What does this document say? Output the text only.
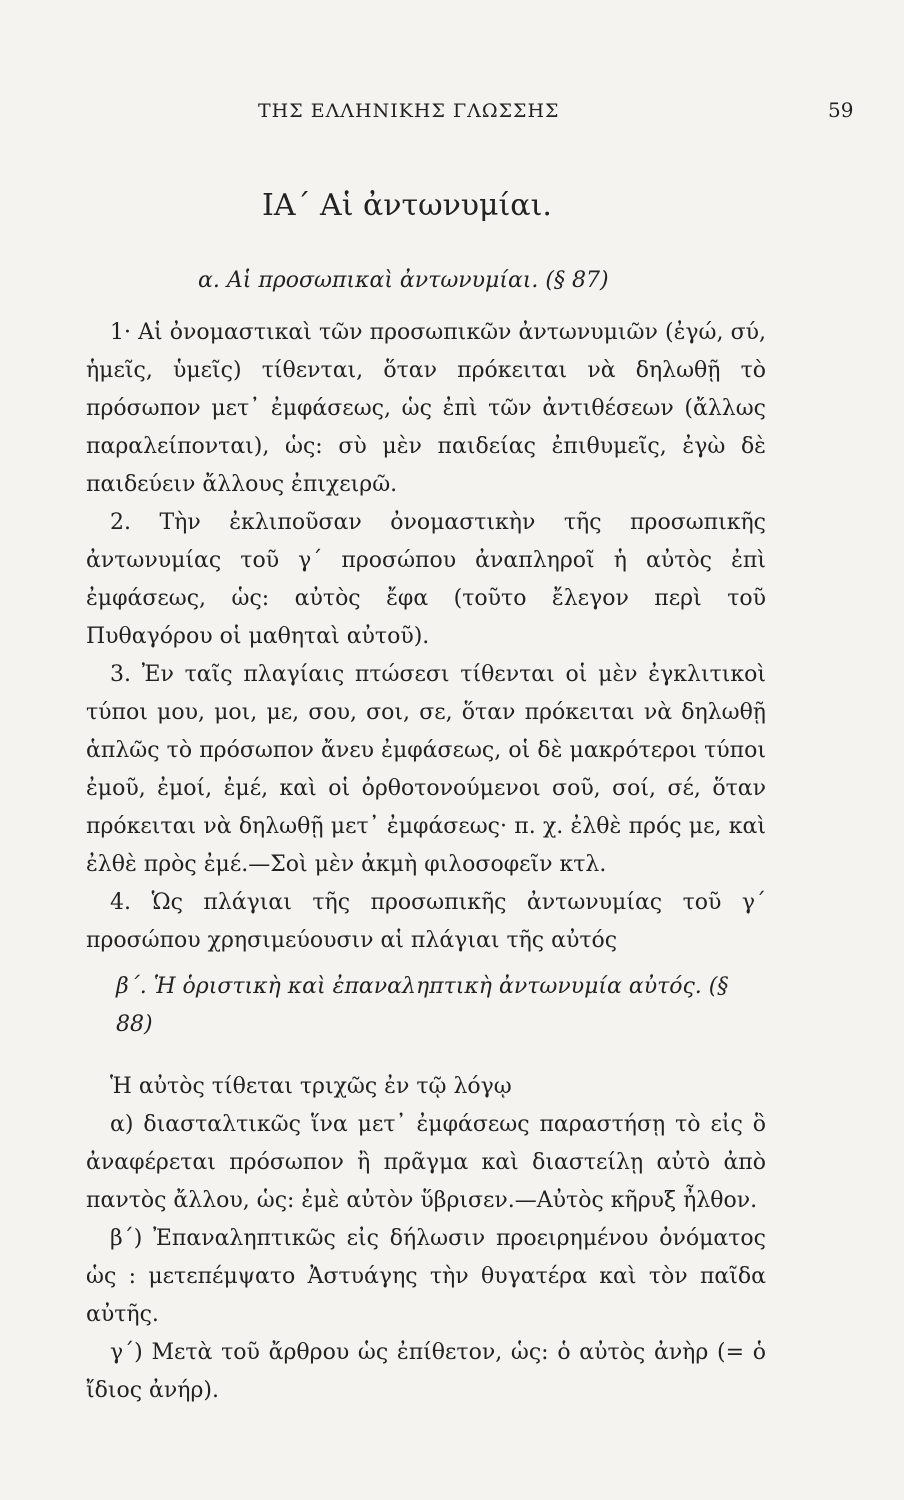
ΤΗΣ ΕΛΛΗΝΙΚΗΣ ΓΛΩΣΣΗΣ	59
ΙΑ΄ Αἱ ἀντωνυμίαι.
α. Αἱ προσωπικαὶ ἀντωνυμίαι. (§ 87)

1· Αἱ ὀνομαστικαὶ τῶν προσωπικῶν ἀντωνυμιῶν (ἐγώ, σύ, ἡμεῖς, ὑμεῖς) τίθενται, ὅταν πρόκειται νὰ δηλωθῇ τὸ πρόσωπον μετ᾽ ἐμφάσεως, ὡς ἐπὶ τῶν ἀντιθέσεων (ἄλλως παραλείπονται), ὡς: σὺ μὲν παιδείας ἐπιθυμεῖς, ἐγὼ δὲ παιδεύειν ἄλλους ἐπιχειρῶ.

2. Τὴν ἐκλιποῦσαν ὀνομαστικὴν τῆς προσωπικῆς ἀντωνυμίας τοῦ γ΄ προσώπου ἀναπληροῖ ἡ αὐτὸς ἐπὶ ἐμφάσεως, ὡς: αὐτὸς ἔφα (τοῦτο ἔλεγον περὶ τοῦ Πυθαγόρου οἱ μαθηταὶ αὐτοῦ).

3. Ἐν ταῖς πλαγίαις πτώσεσι τίθενται οἱ μὲν ἐγκλιτικοὶ τύποι μου, μοι, με, σου, σοι, σε, ὅταν πρόκειται νὰ δηλωθῇ ἁπλῶς τὸ πρόσωπον ἄνευ ἐμφάσεως, οἱ δὲ μακρότεροι τύποι ἐμοῦ, ἐμοί, ἐμέ, καὶ οἱ ὀρθοτονούμενοι σοῦ, σοί, σέ, ὅταν πρόκειται νὰ δηλωθῇ μετ᾽ ἐμφάσεως· π. χ. ἐλθὲ πρός με, καὶ ἐλθὲ πρὸς ἐμέ.—Σοὶ μὲν ἀκμὴ φιλοσοφεῖν κτλ.

4. Ὡς πλάγιαι τῆς προσωπικῆς ἀντωνυμίας τοῦ γ΄ προσώπου χρησιμεύουσιν αἱ πλάγιαι τῆς αὐτός

β΄. Ἡ ὁριστικὴ καὶ ἐπαναληπτικὴ ἀντωνυμία αὐτός. (§ 88)

Ἡ αὐτὸς τίθεται τριχῶς ἐν τῷ λόγῳ

α) διασταλτικῶς ἵνα μετ᾽ ἐμφάσεως παραστήσῃ τὸ εἰς ὃ ἀναφέρεται πρόσωπον ἢ πρᾶγμα καὶ διαστείλῃ αὐτὸ ἀπὸ παντὸς ἄλλου, ὡς: ἐμὲ αὐτὸν ὕβρισεν.—Αὐτὸς κῆρυξ ἦλθον.

β΄) Ἐπαναληπτικῶς εἰς δήλωσιν προειρημένου ὀνόματος ὡς : μετεπέμψατο Ἀστυάγης τὴν θυγατέρα καὶ τὸν παῖδα αὐτῆς.

γ΄) Μετὰ τοῦ ἄρθρου ὡς ἐπίθετον, ὡς: ὁ αὐτὸς ἀνὴρ (= ὁ ἴδιος ἀνήρ).
